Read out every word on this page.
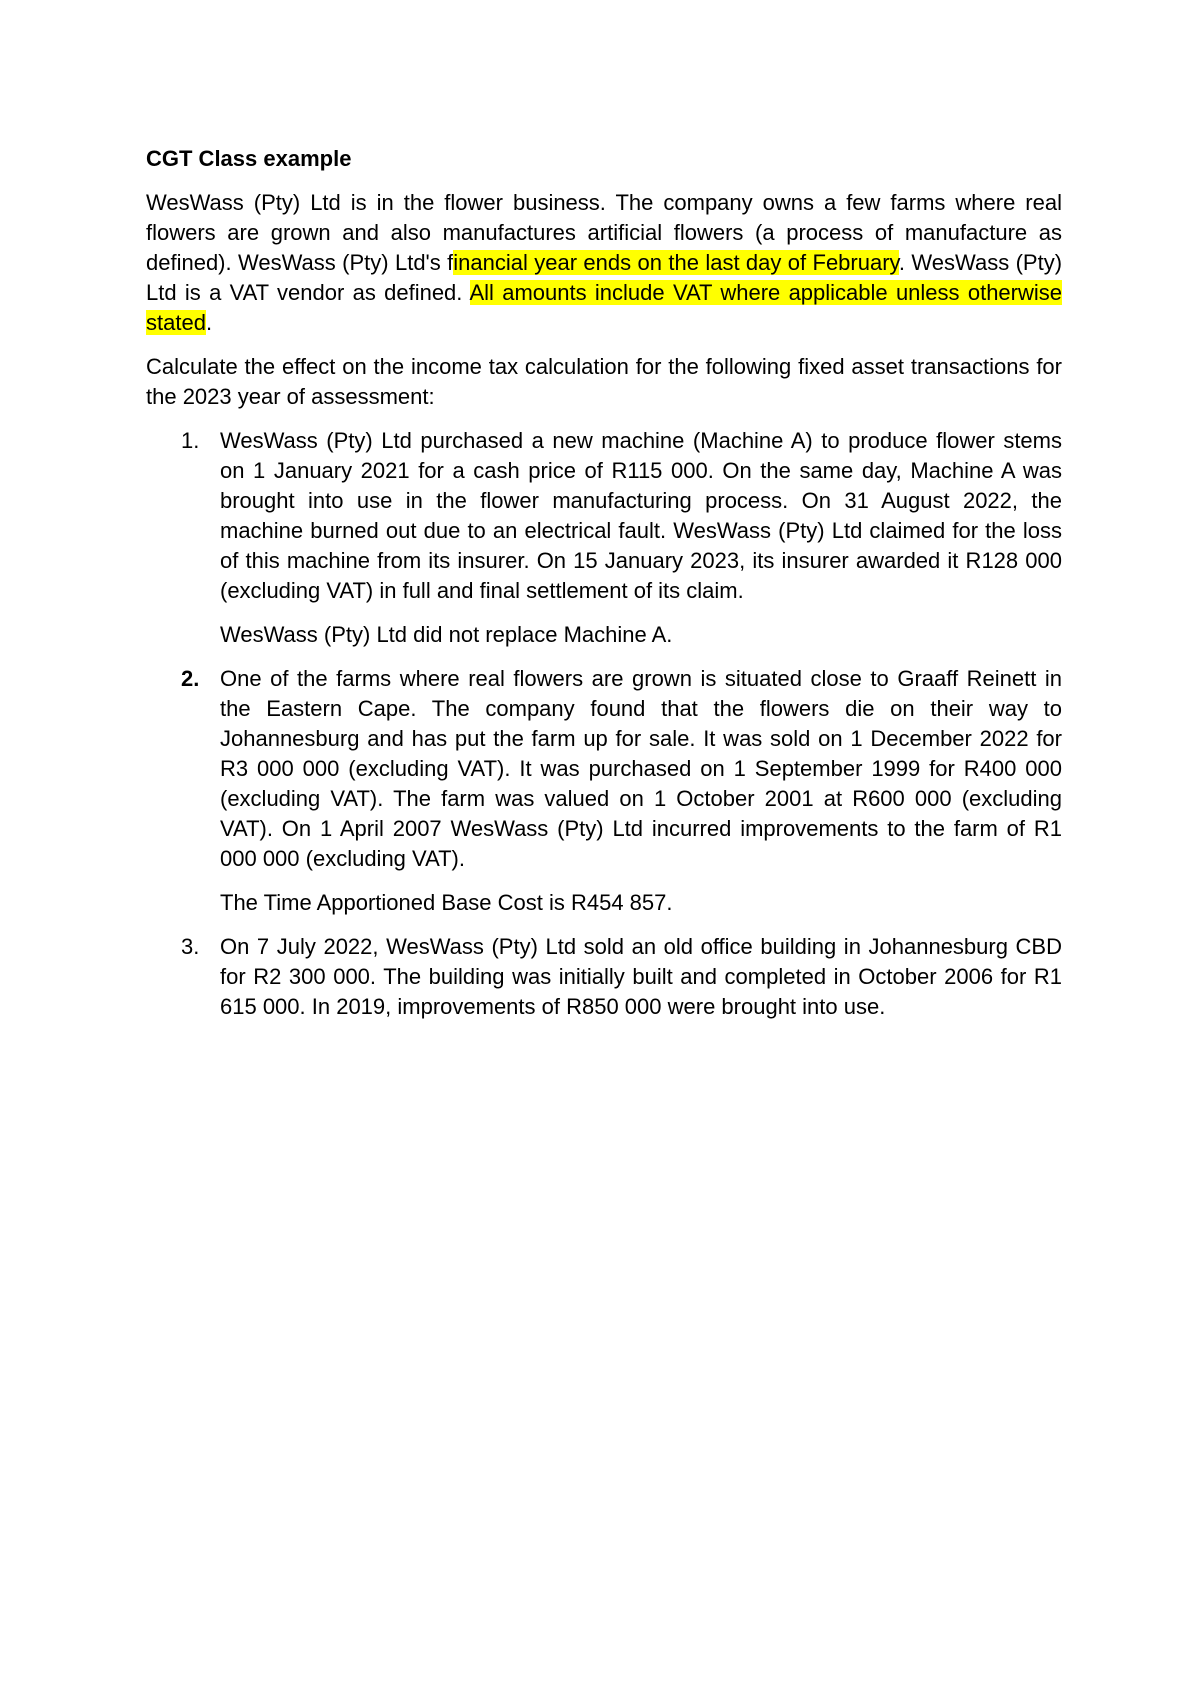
CGT Class example

WesWass (Pty) Ltd is in the flower business. The company owns a few farms where real flowers are grown and also manufactures artificial flowers (a process of manufacture as defined). WesWass (Pty) Ltd's financial year ends on the last day of February. WesWass (Pty) Ltd is a VAT vendor as defined. All amounts include VAT where applicable unless otherwise stated.

Calculate the effect on the income tax calculation for the following fixed asset transactions for the 2023 year of assessment:

1. WesWass (Pty) Ltd purchased a new machine (Machine A) to produce flower stems on 1 January 2021 for a cash price of R115 000. On the same day, Machine A was brought into use in the flower manufacturing process. On 31 August 2022, the machine burned out due to an electrical fault. WesWass (Pty) Ltd claimed for the loss of this machine from its insurer. On 15 January 2023, its insurer awarded it R128 000 (excluding VAT) in full and final settlement of its claim.

WesWass (Pty) Ltd did not replace Machine A.

2. One of the farms where real flowers are grown is situated close to Graaff Reinett in the Eastern Cape. The company found that the flowers die on their way to Johannesburg and has put the farm up for sale. It was sold on 1 December 2022 for R3 000 000 (excluding VAT). It was purchased on 1 September 1999 for R400 000 (excluding VAT). The farm was valued on 1 October 2001 at R600 000 (excluding VAT). On 1 April 2007 WesWass (Pty) Ltd incurred improvements to the farm of R1 000 000 (excluding VAT).

The Time Apportioned Base Cost is R454 857.

3. On 7 July 2022, WesWass (Pty) Ltd sold an old office building in Johannesburg CBD for R2 300 000. The building was initially built and completed in October 2006 for R1 615 000. In 2019, improvements of R850 000 were brought into use.
